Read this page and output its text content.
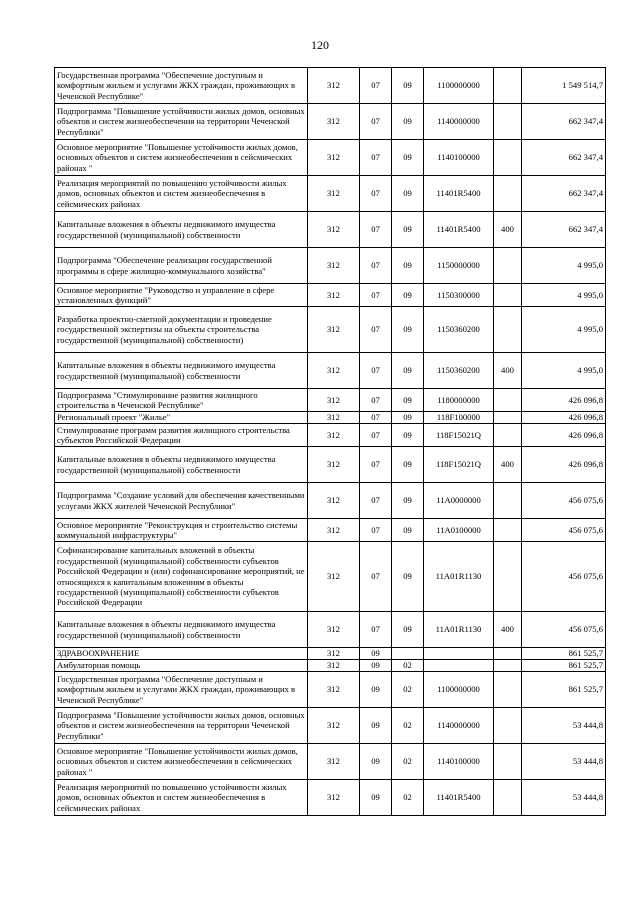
120
Государственная программа "Обеспечение доступным и комфортным жильем и услугами ЖКХ граждан, проживающих в Чеченской Республике"	312	07	09	1100000000		1 549 514,7
Подпрограмма "Повышение устойчивости жилых домов, основных объектов и систем жизнеобеспечения на территории Чеченской Республики"	312	07	09	1140000000		662 347,4
Основное мероприятие "Повышение устойчивости жилых домов, основных объектов и систем жизнеобеспечения в сейсмических районах "	312	07	09	1140100000		662 347,4
Реализация мероприятий по повышению устойчивости жилых домов, основных объектов и систем жизнеобеспечения в сейсмических районах	312	07	09	11401R5400		662 347,4
Капитальные вложения в объекты недвижимого имущества государственной (муниципальной) собственности	312	07	09	11401R5400	400	662 347,4
Подпрограмма "Обеспечение реализации государственной программы в сфере жилищно-коммунального хозяйства"	312	07	09	1150000000		4 995,0
Основное мероприятие "Руководство и управление в сфере установленных функций"	312	07	09	1150300000		4 995,0
Разработка проектно-сметной документации и проведение государственной экспертизы на объекты строительства государственной (муниципальной) собственности)	312	07	09	1150360200		4 995,0
Капитальные вложения в объекты недвижимого имущества государственной (муниципальной) собственности	312	07	09	1150360200	400	4 995,0
Подпрограмма "Стимулирование развития жилищного строительства в Чеченской Республике"	312	07	09	1180000000		426 096,8
Региональный проект "Жилье"	312	07	09	118F100000		426 096,8
Стимулирование программ развития жилищного строительства субъектов Российской Федерации	312	07	09	118F15021Q		426 096,8
Капитальные вложения в объекты недвижимого имущества государственной (муниципальной) собственности	312	07	09	118F15021Q	400	426 096,8
Подпрограмма "Создание условий для обеспечения качественными услугами ЖКХ жителей Чеченской Республики"	312	07	09	11А0000000		456 075,6
Основное мероприятие "Реконструкция и строительство системы коммунальной инфраструктуры"	312	07	09	11А0100000		456 075,6
Софинансирование капитальных вложений в объекты государственной (муниципальной) собственности субъектов Российской Федерации и (или) софинансирование мероприятий, не относящихся к капитальным вложениям в объекты государственной (муниципальной) собственности субъектов Российской Федерации	312	07	09	11А01R1130		456 075,6
Капитальные вложения в объекты недвижимого имущества государственной (муниципальной) собственности	312	07	09	11А01R1130	400	456 075,6
ЗДРАВООХРАНЕНИЕ	312	09				861 525,7
Амбулаторная помощь	312	09	02			861 525,7
Государственная программа "Обеспечение доступным и комфортным жильем и услугами ЖКХ граждан, проживающих в Чеченской Республике"	312	09	02	1100000000		861 525,7
Подпрограмма "Повышение устойчивости жилых домов, основных объектов и систем жизнеобеспечения на территории Чеченской Республики"	312	09	02	1140000000		53 444,8
Основное мероприятие "Повышение устойчивости жилых домов, основных объектов и систем жизнеобеспечения в сейсмических районах "	312	09	02	1140100000		53 444,8
Реализация мероприятий по повышению устойчивости жилых домов, основных объектов и систем жизнеобеспечения в сейсмических районах	312	09	02	11401R5400		53 444,8
